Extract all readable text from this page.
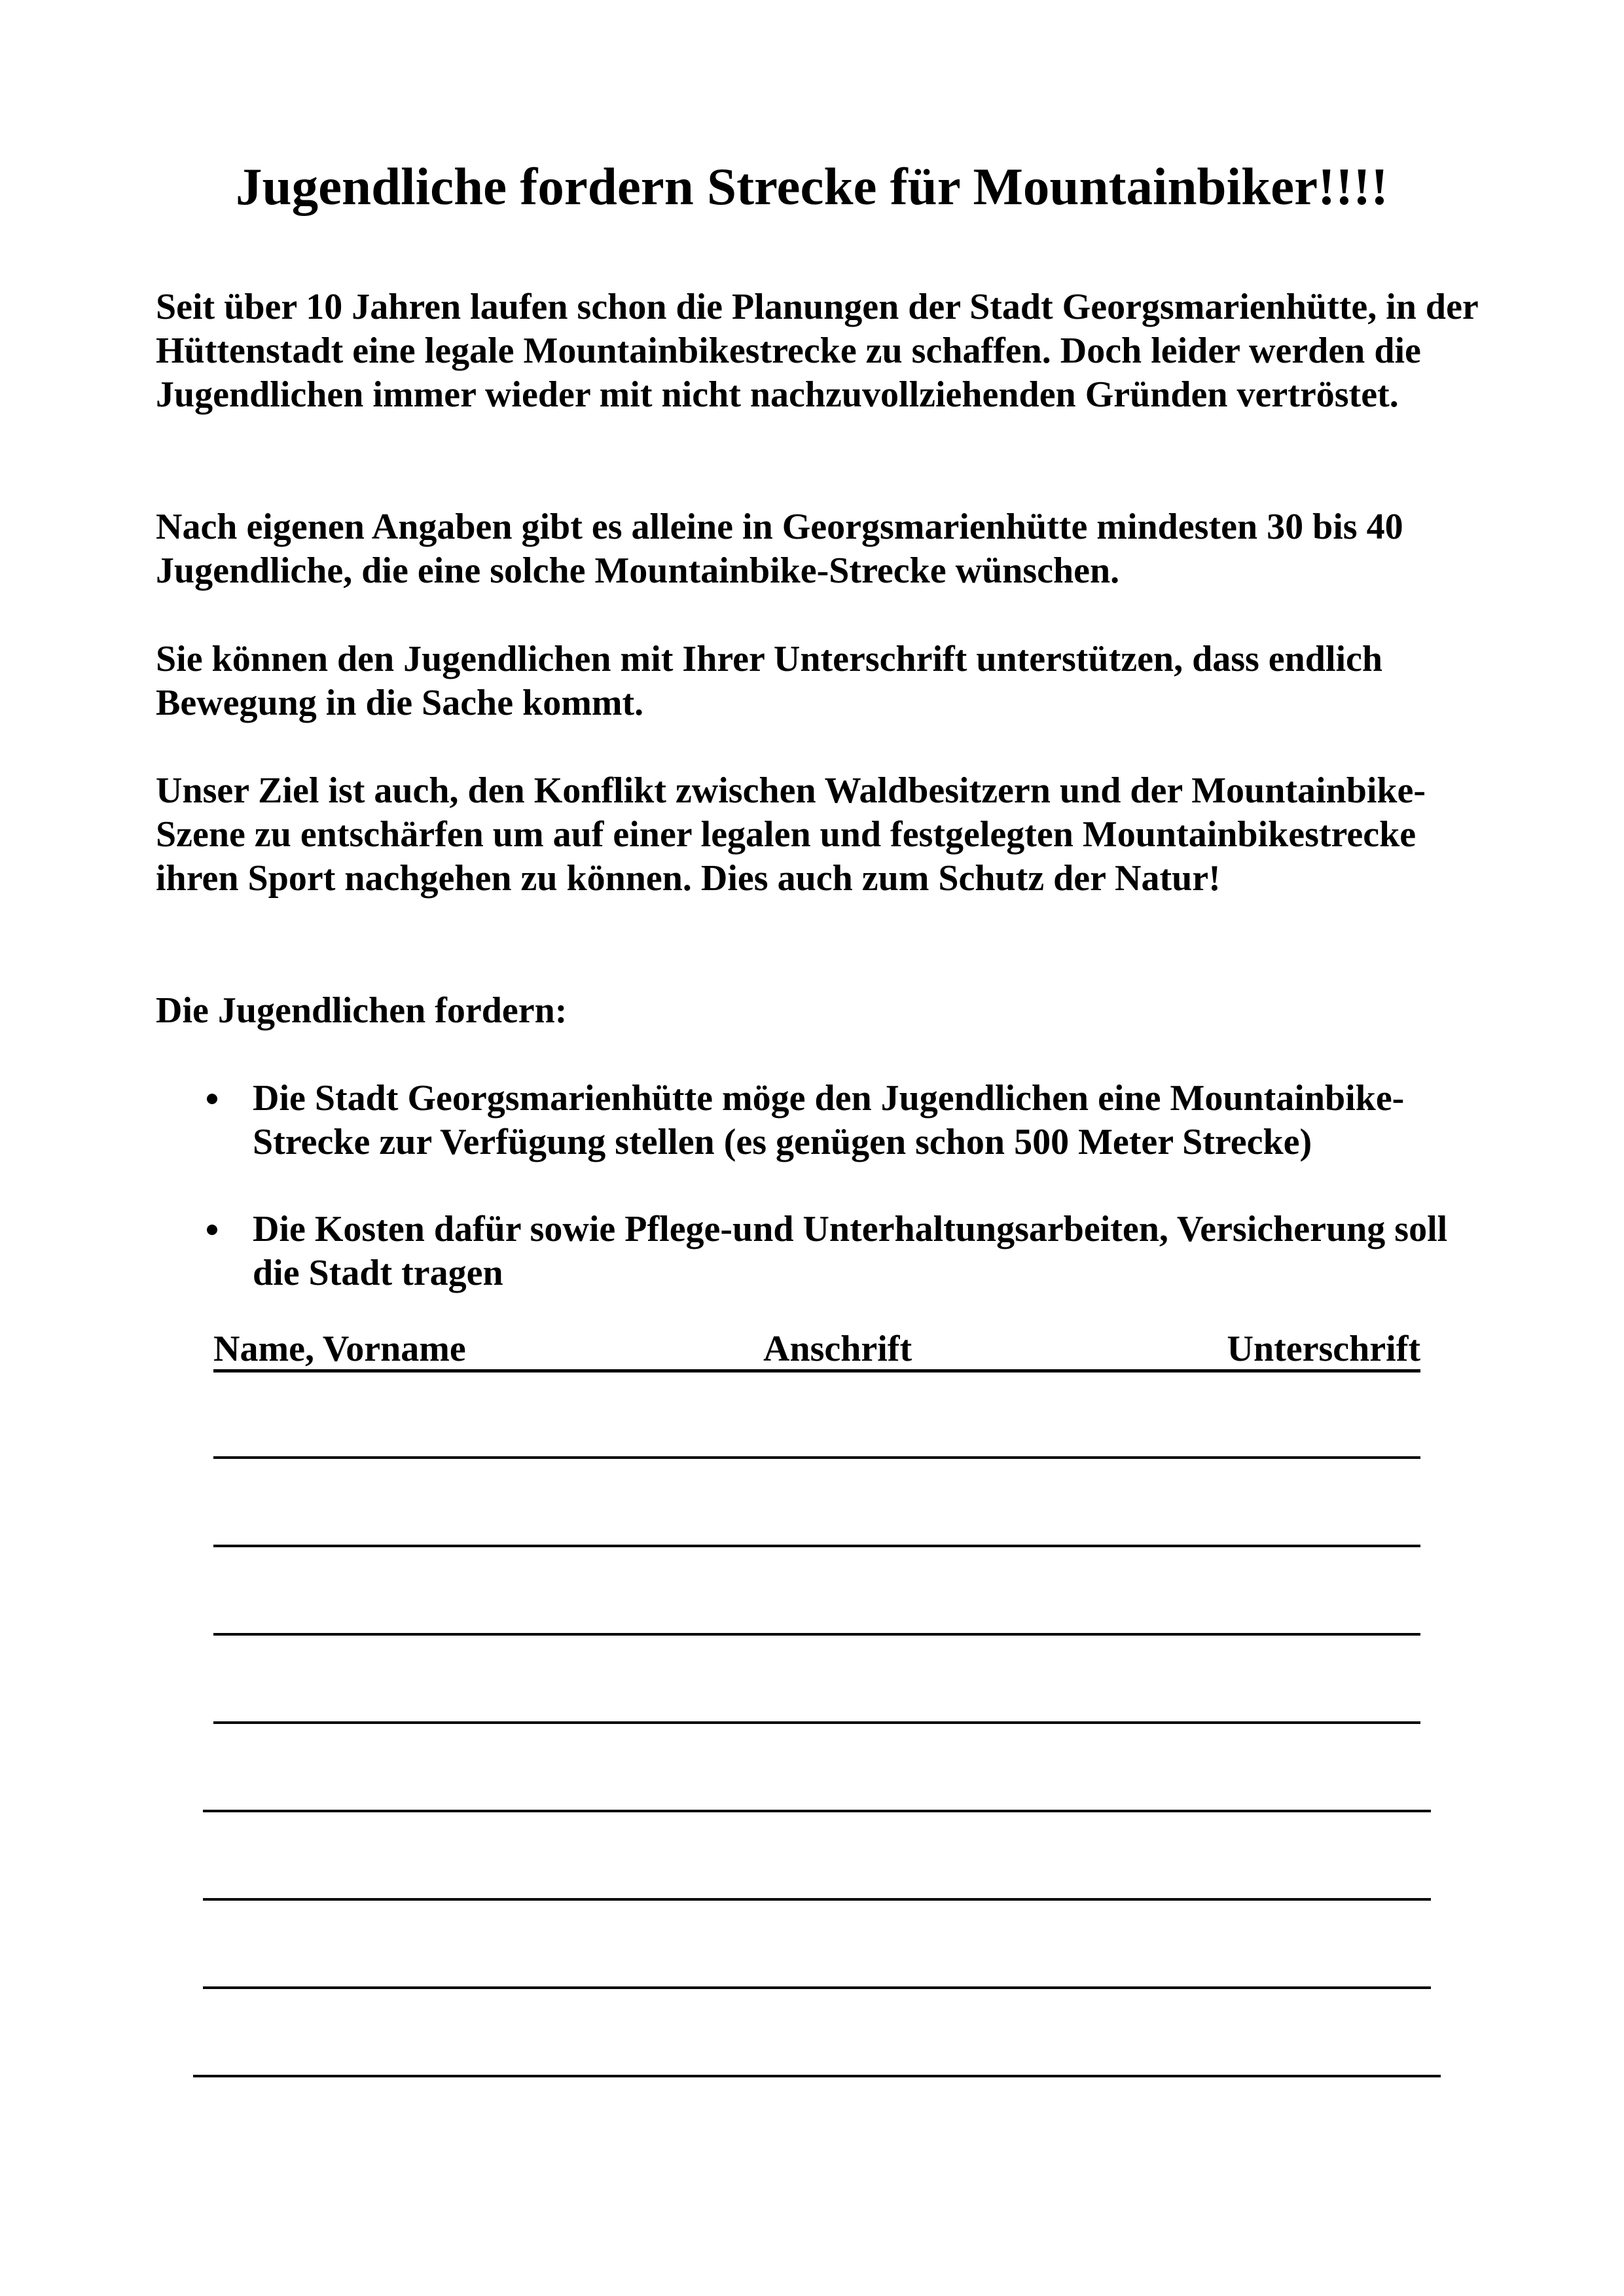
Jugendliche fordern Strecke für Mountainbiker!!!!

Seit über 10 Jahren laufen schon die Planungen der Stadt Georgsmarienhütte, in der Hüttenstadt eine legale Mountainbikestrecke zu schaffen. Doch leider werden die Jugendlichen immer wieder mit nicht nachzuvollziehenden Gründen vertröstet.

Nach eigenen Angaben gibt es alleine in Georgsmarienhütte mindesten 30 bis 40 Jugendliche, die eine solche Mountainbike-Strecke wünschen.

Sie können den Jugendlichen mit Ihrer Unterschrift unterstützen, dass endlich Bewegung in die Sache kommt.

Unser Ziel ist auch, den Konflikt zwischen Waldbesitzern und der Mountainbike-Szene zu entschärfen um auf einer legalen und festgelegten Mountainbikestrecke ihren Sport nachgehen zu können. Dies auch zum Schutz der Natur!

Die Jugendlichen fordern:

Die Stadt Georgsmarienhütte möge den Jugendlichen eine Mountainbike-Strecke zur Verfügung stellen (es genügen schon 500 Meter Strecke)
Die Kosten dafür sowie Pflege-und Unterhaltungsarbeiten, Versicherung soll die Stadt tragen
Name, Vorname	Anschrift	Unterschrift
